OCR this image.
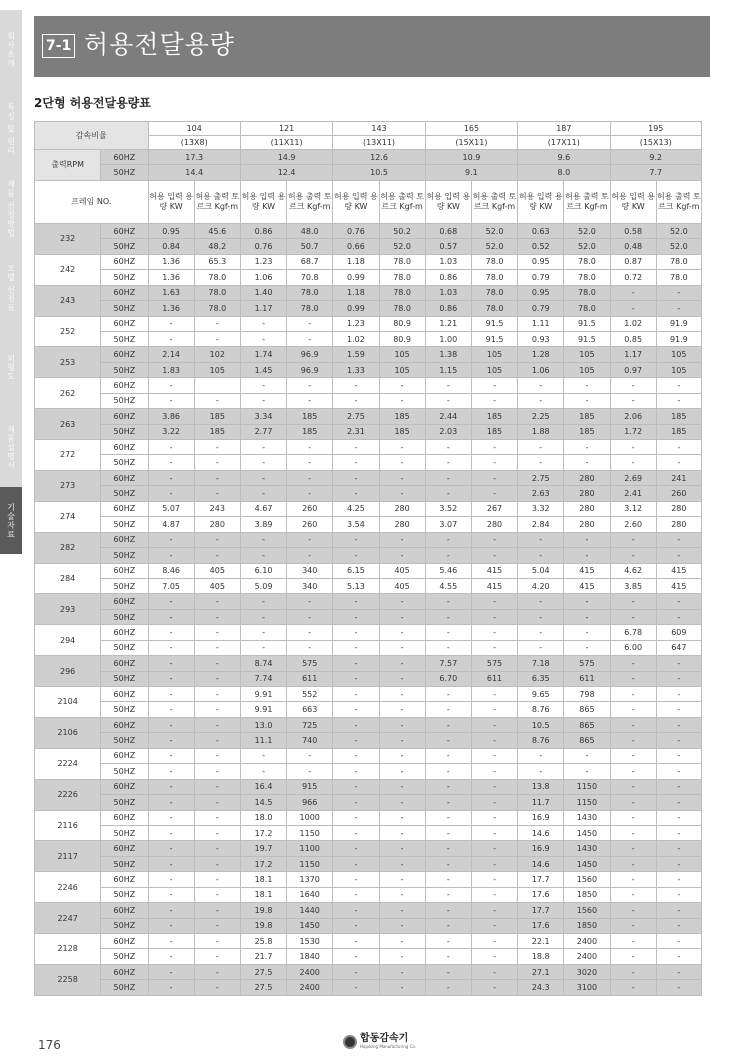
회사소개
특징 및 원리
제품 선정방법
모델 선정표
외형도
제품설명서
기술자료
7-1 허용전달용량
2단형 허용전달용량표
감속비율		104		121		143		165		187		195	
		(13X8)		(11X11)		(13X11)		(15X11)		(17X11)		(15X13)	
출력RPM	60HZ	17.3		14.9		12.6		10.9		9.6		9.2	
	50HZ	14.4		12.4		10.5		9.1		8.0		7.7	
프레임 NO.		허용 입력 용량 KW	허용 출력 토르크 Kgf-m	허용 입력 용량 KW	허용 출력 토르크 Kgf-m	허용 입력 용량 KW	허용 출력 토르크 Kgf-m	허용 입력 용량 KW	허용 출력 토르크 Kgf-m	허용 입력 용량 KW	허용 출력 토르크 Kgf-m	허용 입력 용량 KW	허용 출력 토르크 Kgf-m
232	60HZ	0.95	45.6	0.86	48.0	0.76	50.2	0.68	52.0	0.63	52.0	0.58	52.0
	50HZ	0.84	48.2	0.76	50.7	0.66	52.0	0.57	52.0	0.52	52.0	0.48	52.0
242	60HZ	1.36	65.3	1.23	68.7	1.18	78.0	1.03	78.0	0.95	78.0	0.87	78.0
	50HZ	1.36	78.0	1.06	70.8	0.99	78.0	0.86	78.0	0.79	78.0	0.72	78.0
243	60HZ	1.63	78.0	1.40	78.0	1.18	78.0	1.03	78.0	0.95	78.0	-	-
	50HZ	1.36	78.0	1.17	78.0	0.99	78.0	0.86	78.0	0.79	78.0	-	-
252	60HZ	-	-	-	-	1.23	80.9	1.21	91.5	1.11	91.5	1.02	91.9
	50HZ	-	-	-	-	1.02	80.9	1.00	91.5	0.93	91.5	0.85	91.9
253	60HZ	2.14	102	1.74	96.9	1.59	105	1.38	105	1.28	105	1.17	105
	50HZ	1.83	105	1.45	96.9	1.33	105	1.15	105	1.06	105	0.97	105
262	60HZ	-		-	-	-	-	-	-	-	-	-	-
	50HZ	-	-	-	-	-	-	-	-	-	-	-	-
263	60HZ	3.86	185	3.34	185	2.75	185	2.44	185	2.25	185	2.06	185
	50HZ	3.22	185	2.77	185	2.31	185	2.03	185	1.88	185	1.72	185
272	60HZ	-	-	-	-	-	-	-	-	-	-	-	-
	50HZ	-	-	-	-	-	-	-	-	-	-	-	-
273	60HZ	-	-	-	-	-	-	-	-	2.75	280	2.69	241
	50HZ	-	-	-	-	-	-	-	-	2.63	280	2.41	260
274	60HZ	5.07	243	4.67	260	4.25	280	3.52	267	3.32	280	3.12	280
	50HZ	4.87	280	3.89	260	3.54	280	3.07	280	2.84	280	2.60	280
282	60HZ	-	-	-	-	-	-	-	-	-	-	-	-
	50HZ	-	-	-	-	-	-	-	-	-	-	-	-
284	60HZ	8.46	405	6.10	340	6.15	405	5.46	415	5.04	415	4.62	415
	50HZ	7.05	405	5.09	340	5.13	405	4.55	415	4.20	415	3.85	415
293	60HZ	-	-	-	-	-	-	-	-	-	-	-	-
	50HZ	-	-	-	-	-	-	-	-	-	-	-	-
294	60HZ	-	-	-	-	-	-	-	-	-	-	6.78	609
	50HZ	-	-	-	-	-	-	-	-	-	-	6.00	647
296	60HZ	-	-	8.74	575	-	-	7.57	575	7.18	575	-	-
	50HZ	-	-	7.74	611	-	-	6.70	611	6.35	611	-	-
2104	60HZ	-	-	9.91	552	-	-	-	-	9.65	798	-	-
	50HZ	-	-	9.91	663	-	-	-	-	8.76	865	-	-
2106	60HZ	-	-	13.0	725	-	-	-	-	10.5	865	-	-
	50HZ	-	-	11.1	740	-	-	-	-	8.76	865	-	-
2224	60HZ	-	-	-	-	-	-	-	-	-	-	-	-
	50HZ	-	-	-	-	-	-	-	-	-	-	-	-
2226	60HZ	-	-	16.4	915	-	-	-	-	13.8	1150	-	-
	50HZ	-	-	14.5	966	-	-	-	-	11.7	1150	-	-
2116	60HZ	-	-	18.0	1000	-	-	-	-	16.9	1430	-	-
	50HZ	-	-	17.2	1150	-	-	-	-	14.6	1450	-	-
2117	60HZ	-	-	19.7	1100	-	-	-	-	16.9	1430	-	-
	50HZ	-	-	17.2	1150	-	-	-	-	14.6	1450	-	-
2246	60HZ	-	-	18.1	1370	-	-	-	-	17.7	1560	-	-
	50HZ	-	-	18.1	1640	-	-	-	-	17.6	1850	-	-
2247	60HZ	-	-	19.8	1440	-	-	-	-	17.7	1560	-	-
	50HZ	-	-	19.8	1450	-	-	-	-	17.6	1850	-	-
2128	60HZ	-	-	25.8	1530	-	-	-	-	22.1	2400	-	-
	50HZ	-	-	21.7	1840	-	-	-	-	18.8	2400	-	-
2258	60HZ	-	-	27.5	2400	-	-	-	-	27.1	3020	-	-
	50HZ	-	-	27.5	2400	-	-	-	-	24.3	3100	-	-
176	합동감속기
Hapdong Manufacturing Co.
